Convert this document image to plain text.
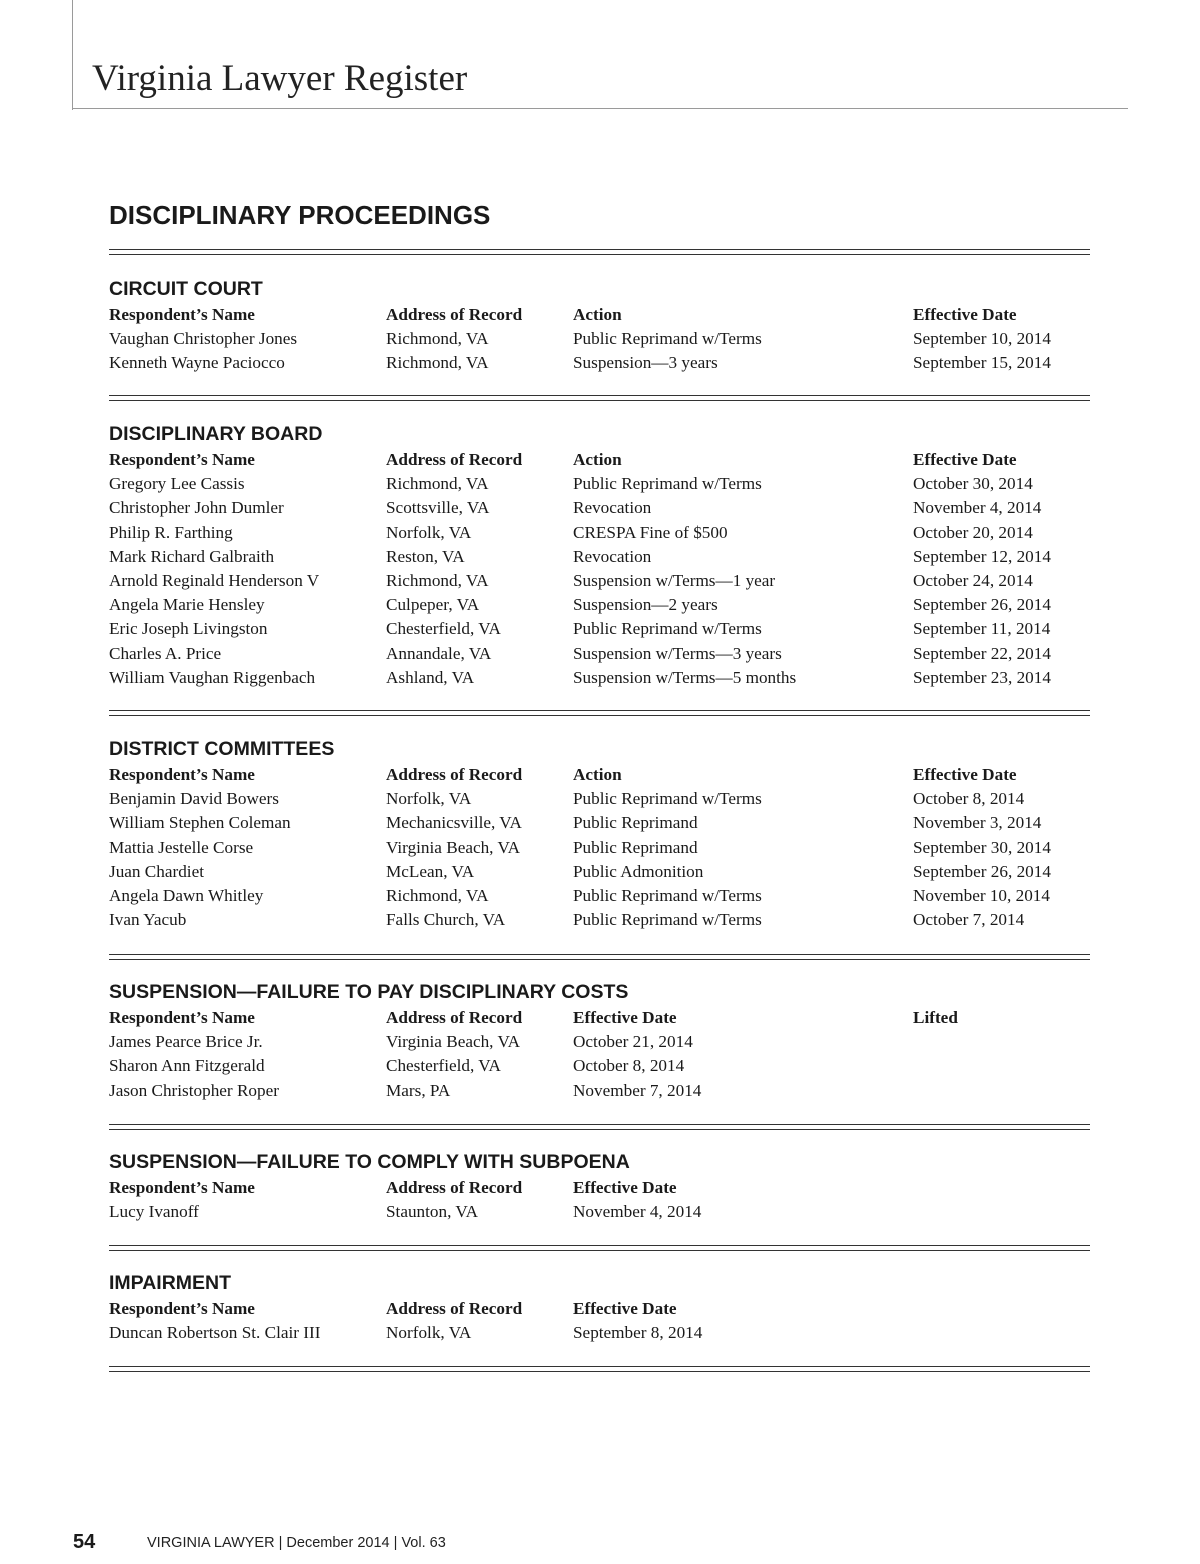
Virginia Lawyer Register
DISCIPLINARY PROCEEDINGS
CIRCUIT COURT
Respondent’s Name	Address of Record	Action	Effective Date
Vaughan Christopher Jones	Richmond, VA	Public Reprimand w/Terms	September 10, 2014
Kenneth Wayne Paciocco	Richmond, VA	Suspension—3 years	September 15, 2014
DISCIPLINARY BOARD
Respondent’s Name	Address of Record	Action	Effective Date
Gregory Lee Cassis	Richmond, VA	Public Reprimand w/Terms	October 30, 2014
Christopher John Dumler	Scottsville, VA	Revocation	November 4, 2014
Philip R. Farthing	Norfolk, VA	CRESPA Fine of $500	October 20, 2014
Mark Richard Galbraith	Reston, VA	Revocation	September 12, 2014
Arnold Reginald Henderson V	Richmond, VA	Suspension w/Terms—1 year	October 24, 2014
Angela Marie Hensley	Culpeper, VA	Suspension—2 years	September 26, 2014
Eric Joseph Livingston	Chesterfield, VA	Public Reprimand w/Terms	September 11, 2014
Charles A. Price	Annandale, VA	Suspension w/Terms—3 years	September 22, 2014
William Vaughan Riggenbach	Ashland, VA	Suspension w/Terms—5 months	September 23, 2014
DISTRICT COMMITTEES
Respondent’s Name	Address of Record	Action	Effective Date
Benjamin David Bowers	Norfolk, VA	Public Reprimand w/Terms	October 8, 2014
William Stephen Coleman	Mechanicsville, VA	Public Reprimand	November 3, 2014
Mattia Jestelle Corse	Virginia Beach, VA	Public Reprimand	September 30, 2014
Juan Chardiet	McLean, VA	Public Admonition	September 26, 2014
Angela Dawn Whitley	Richmond, VA	Public Reprimand w/Terms	November 10, 2014
Ivan Yacub	Falls Church, VA	Public Reprimand w/Terms	October 7, 2014
SUSPENSION—FAILURE TO PAY DISCIPLINARY COSTS
Respondent’s Name	Address of Record	Effective Date	Lifted
James Pearce Brice Jr.	Virginia Beach, VA	October 21, 2014
Sharon Ann Fitzgerald	Chesterfield, VA	October 8, 2014
Jason Christopher Roper	Mars, PA	November 7, 2014
SUSPENSION—FAILURE TO COMPLY WITH SUBPOENA
Respondent’s Name	Address of Record	Effective Date
Lucy Ivanoff	Staunton, VA	November 4, 2014
IMPAIRMENT
Respondent’s Name	Address of Record	Effective Date
Duncan Robertson St. Clair III	Norfolk, VA	September 8, 2014
54	VIRGINIA LAWYER | December 2014 | Vol. 63
